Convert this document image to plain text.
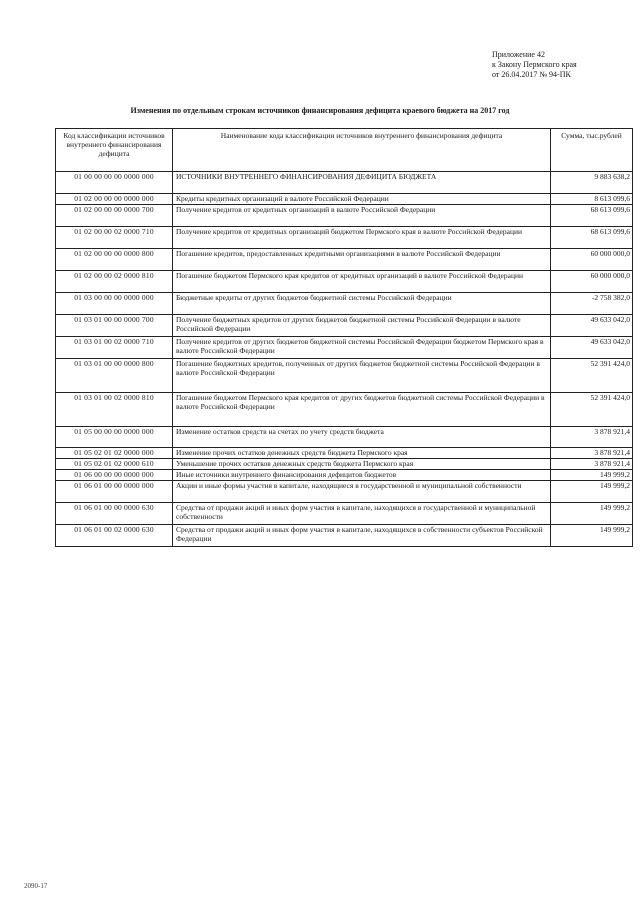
Приложение 42
к Закону Пермского края
от 26.04.2017 № 94-ПК
Изменения по отдельным строкам источников финансирования дефицита краевого бюджета на 2017 год
Код классификации источников внутреннего финансирования дефицита	Наименование кода классификации источников внутреннего финансирования дефицита	Сумма, тыс.рублей
01 00 00 00 00 0000 000	ИСТОЧНИКИ ВНУТРЕННЕГО ФИНАНСИРОВАНИЯ ДЕФИЦИТА БЮДЖЕТА	9 883 638,2
01 02 00 00 00 0000 000	Кредиты кредитных организаций в валюте Российской Федерации	8 613 099,6
01 02 00 00 00 0000 700	Получение кредитов от кредитных организаций в валюте Российской Федерации	68 613 099,6
01 02 00 00 02 0000 710	Получение кредитов от кредитных организаций бюджетом Пермского края в валюте Российской Федерации	68 613 099,6
01 02 00 00 00 0000 800	Погашение кредитов, предоставленных кредитными организациями в валюте Российской Федерации	60 000 000,0
01 02 00 00 02 0000 810	Погашение бюджетом Пермского края кредитов от кредитных организаций в валюте Российской Федерации	60 000 000,0
01 03 00 00 00 0000 000	Бюджетные кредиты от других бюджетов бюджетной системы Российской Федерации	-2 758 382,0
01 03 01 00 00 0000 700	Получение бюджетных кредитов от других бюджетов бюджетной системы Российской Федерации в валюте Российской Федерации	49 633 042,0
01 03 01 00 02 0000 710	Получение кредитов от других бюджетов бюджетной системы Российской Федерации бюджетом Пермского края в валюте Российской Федерации	49 633 042,0
01 03 01 00 00 0000 800	Погашение бюджетных кредитов, полученных от других бюджетов бюджетной системы Российской Федерации в валюте Российской Федерации	52 391 424,0
01 03 01 00 02 0000 810	Погашение бюджетом Пермского края кредитов от других бюджетов бюджетной системы Российской Федерации в валюте Российской Федерации	52 391 424,0
01 05 00 00 00 0000 000	Изменение остатков средств на счетах по учету средств бюджета	3 878 921,4
01 05 02 01 02 0000 000	Изменение прочих остатков денежных средств бюджета Пермского края	3 878 921,4
01 05 02 01 02 0000 610	Уменьшение прочих остатков денежных средств бюджета Пермского края	3 878 921,4
01 06 00 00 00 0000 000	Иные источники внутреннего финансирования дефицитов бюджетов	149 999,2
01 06 01 00 00 0000 000	Акции и иные формы участия в капитале, находящиеся в государственной и муниципальной собственности	149 999,2
01 06 01 00 00 0000 630	Средства от продажи акций и иных форм участия в капитале, находящихся в государственной и муниципальной собственности	149 999,2
01 06 01 00 02 0000 630	Средства от продажи акций и иных форм участия в капитале, находящихся в собственности субъектов Российской Федерации	149 999,2
2090-17
